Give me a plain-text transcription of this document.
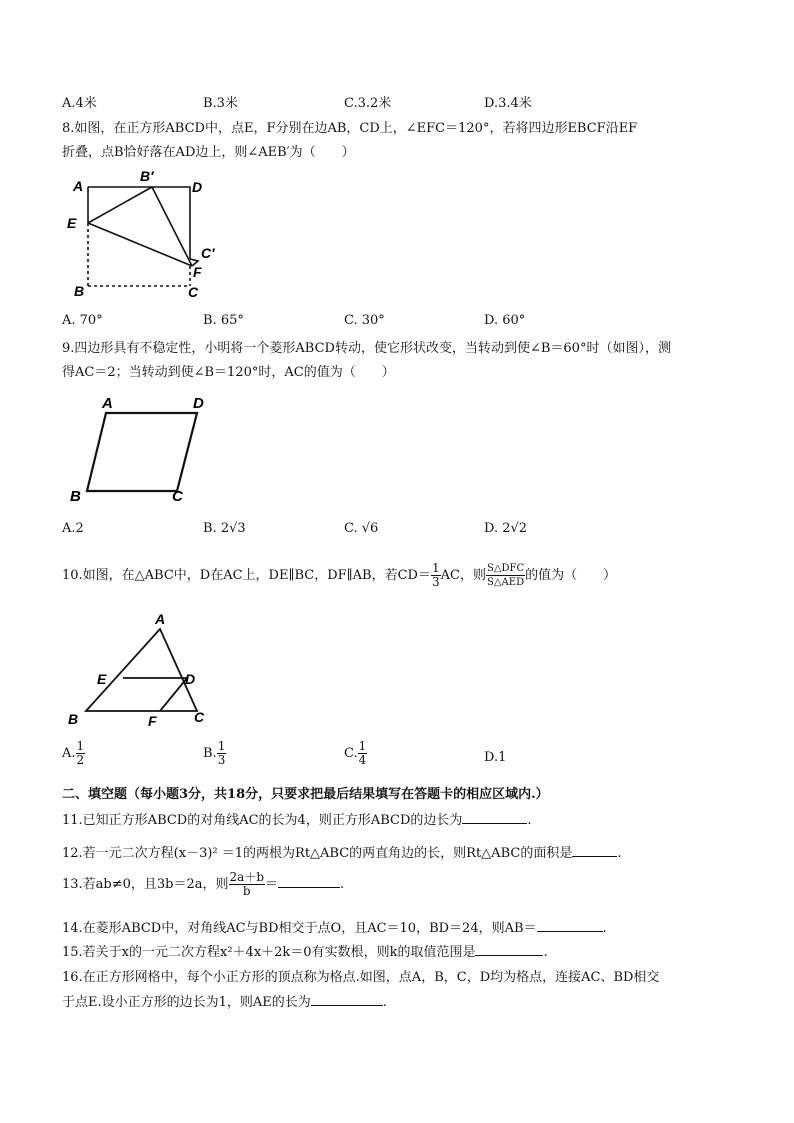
A.4米	B.3米	C.3.2米	D.3.4米
8.如图，在正方形ABCD中，点E，F分别在边AB，CD上，∠EFC＝120°，若将四边形EBCF沿EF
折叠，点B恰好落在AD边上，则∠AEB′为（　　）
A
B′
D
E
C′
F
B	C
A. 70°	B. 65°	C. 30°	D. 60°
9.四边形具有不稳定性，小明将一个菱形ABCD转动，使它形状改变，当转动到使∠B＝60°时（如图），测
得AC＝2；当转动到使∠B＝120°时，AC的值为（　　）
A	D
B	C
A.2	B. 2√3	C. √6	D. 2√2
10.如图，在△ABC中，D在AC上，DE∥BC，DF∥AB，若$CD= \frac{1}{3}$ AC，则 $\frac{\text{S△DFC}}{\text{S△AED}}$ 的值为（　　）
A
E	D
B	F	C
A. $\frac{1}{2}$	B. $\frac{1}{3}$	C. $\frac{1}{4}$	D.1
二、填空题（每小题3分，共18分，只要求把最后结果填写在答题卡的相应区域内.）
11.已知正方形ABCD的对角线AC的长为4，则正方形ABCD的边长为	.
12.若一元二次方程(x－3)² ＝1的两根为Rt△ABC的两直角边的长，则Rt△ABC的面积是	.
13.若ab≠0，且3b＝2a，则 $\frac{2a+b}{b}$ ＝	.
14.在菱形ABCD中，对角线AC与BD相交于点O，且AC＝10，BD＝24，则AB＝	.
15.若关于x的一元二次方程x²＋4x＋2k＝0有实数根，则k的取值范围是	.
16.在正方形网格中，每个小正方形的顶点称为格点.如图，点A，B，C，D均为格点，连接AC、BD相交
于点E.设小正方形的边长为1，则AE的长为	.
